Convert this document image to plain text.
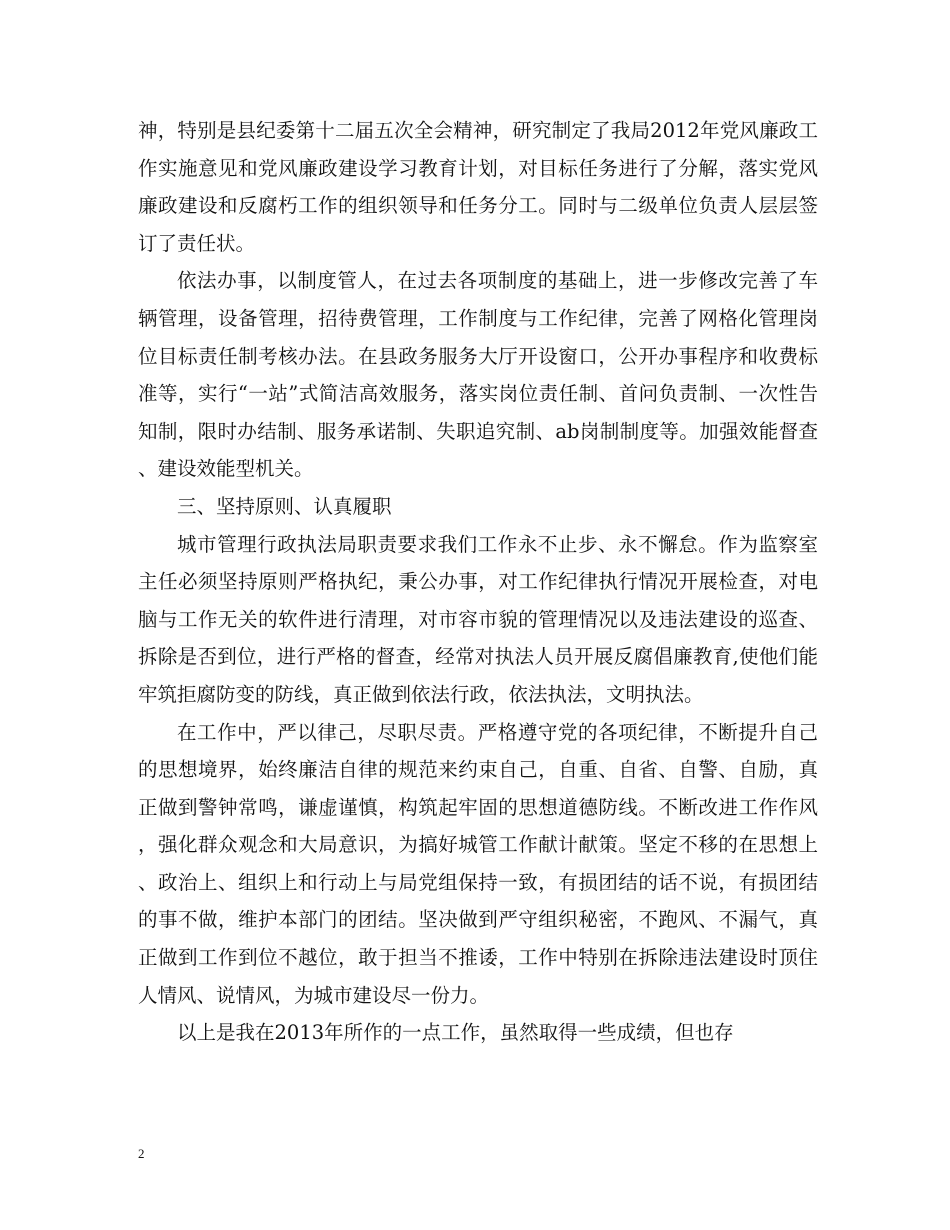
神，特别是县纪委第十二届五次全会精神，研究制定了我局2012年党风廉政工作实施意见和党风廉政建设学习教育计划，对目标任务进行了分解，落实党风廉政建设和反腐朽工作的组织领导和任务分工。同时与二级单位负责人层层签订了责任状。

依法办事，以制度管人，在过去各项制度的基础上，进一步修改完善了车辆管理，设备管理，招待费管理，工作制度与工作纪律，完善了网格化管理岗位目标责任制考核办法。在县政务服务大厅开设窗口，公开办事程序和收费标准等，实行“一站”式简洁高效服务，落实岗位责任制、首问负责制、一次性告知制，限时办结制、服务承诺制、失职追究制、ab岗制制度等。加强效能督查、建设效能型机关。

三、坚持原则、认真履职

城市管理行政执法局职责要求我们工作永不止步、永不懈怠。作为监察室主任必须坚持原则严格执纪，秉公办事，对工作纪律执行情况开展检查，对电脑与工作无关的软件进行清理，对市容市貌的管理情况以及违法建设的巡查、拆除是否到位，进行严格的督查，经常对执法人员开展反腐倡廉教育,使他们能牢筑拒腐防变的防线，真正做到依法行政，依法执法，文明执法。

在工作中，严以律己，尽职尽责。严格遵守党的各项纪律，不断提升自己的思想境界，始终廉洁自律的规范来约束自己，自重、自省、自警、自励，真正做到警钟常鸣，谦虚谨慎，构筑起牢固的思想道德防线。不断改进工作作风，强化群众观念和大局意识，为搞好城管工作献计献策。坚定不移的在思想上、政治上、组织上和行动上与局党组保持一致，有损团结的话不说，有损团结的事不做，维护本部门的团结。坚决做到严守组织秘密，不跑风、不漏气，真正做到工作到位不越位，敢于担当不推诿，工作中特别在拆除违法建设时顶住人情风、说情风，为城市建设尽一份力。

以上是我在2013年所作的一点工作，虽然取得一些成绩，但也存

2
